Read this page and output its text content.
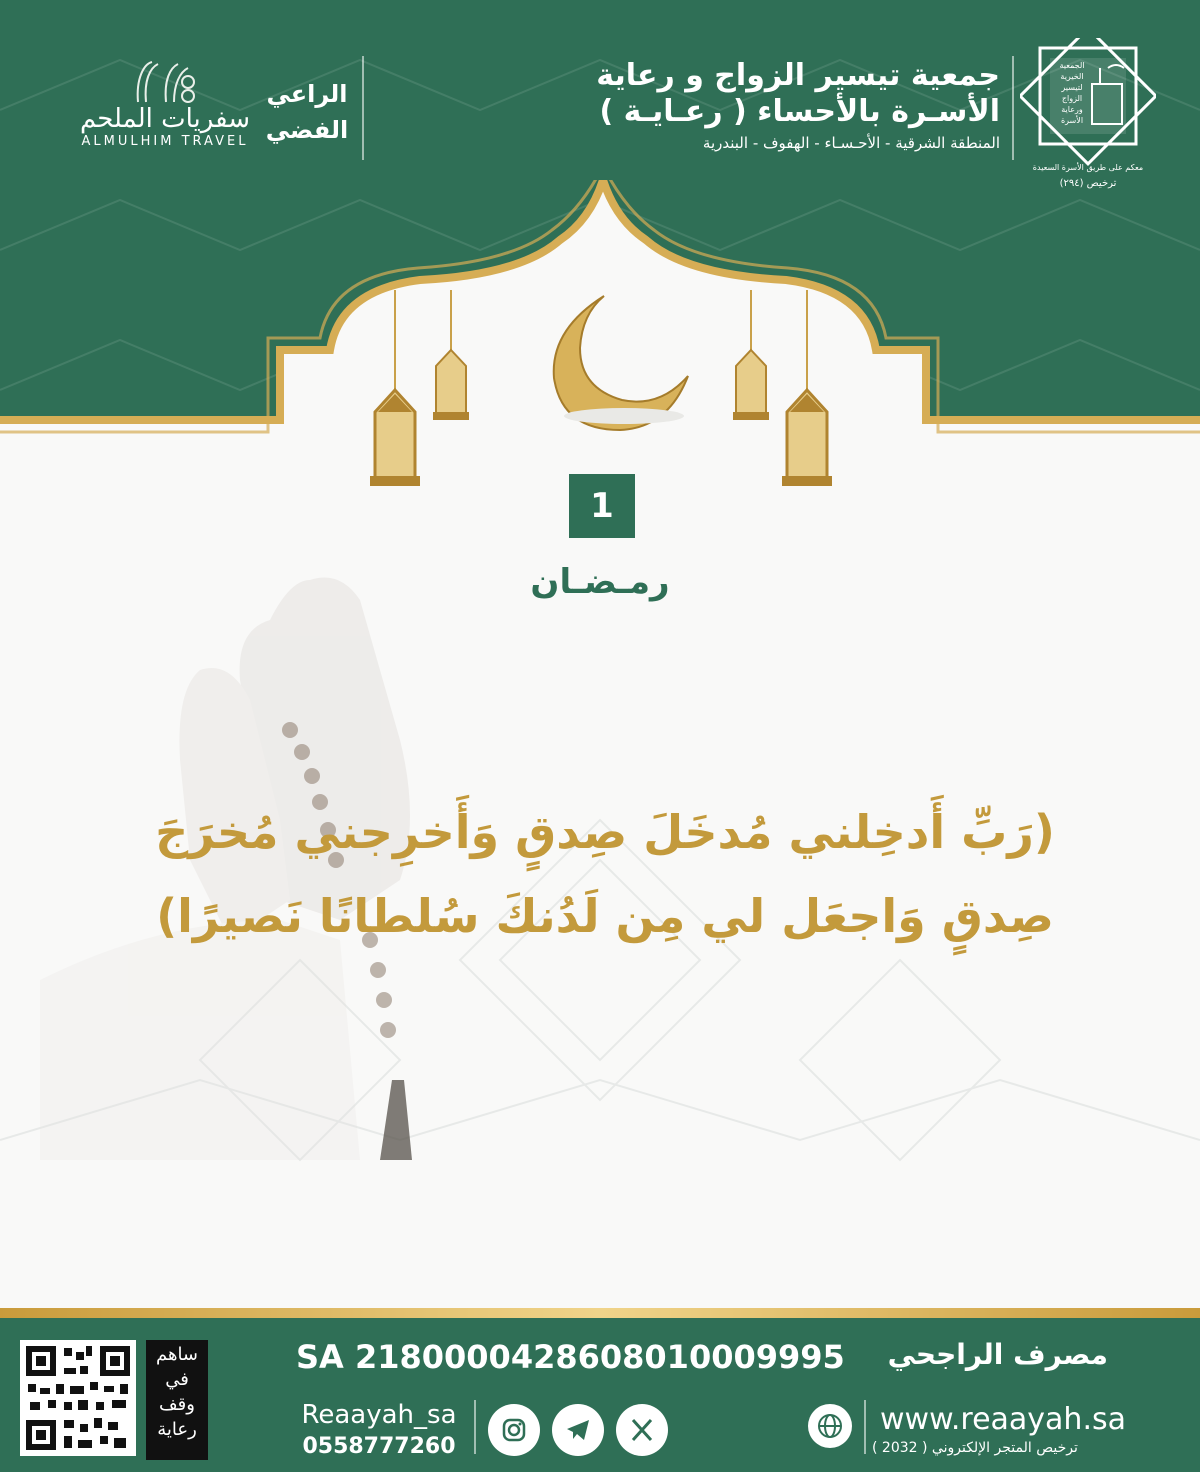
جمعية تيسير الزواج و رعاية
الأسـرة بالأحساء ( رعـايـة )
المنطقة الشرقية - الأحـسـاء - الهفوف - البندرية
الجمعية
الخيرية
لتيسير
الزواج
ورعاية
الأسرة
معكم على طريق الأسرة السعيدة
ترخيص (٢٩٤)
الراعي
الفضي
سفريات الملحم
ALMULHIM TRAVEL
1
رمـضـان
(رَبِّ أَدخِلني مُدخَلَ صِدقٍ وَأَخرِجني مُخرَجَ
صِدقٍ وَاجعَل لي مِن لَدُنكَ سُلطانًا نَصيرًا)
مصرف الراجحي
SA 2180000428608010009995
www.reaayah.sa
ترخيص المتجر الإلكتروني ( 2032 )
Reaayah_sa
0558777260
ساهم
في
وقف
رعاية
